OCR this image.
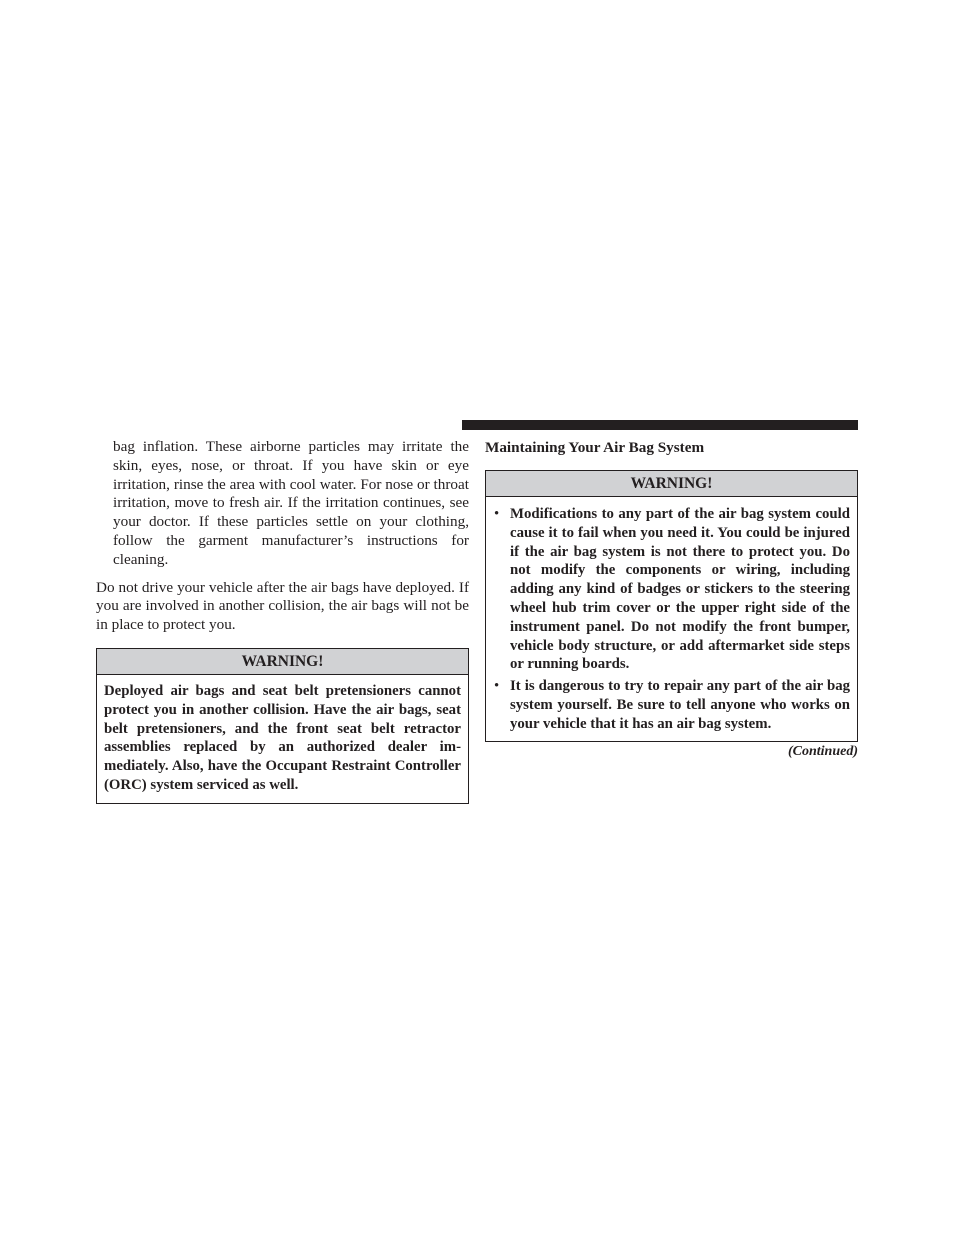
bag inflation. These airborne particles may irritate the skin, eyes, nose, or throat. If you have skin or eye irritation, rinse the area with cool water. For nose or throat irritation, move to fresh air. If the irritation continues, see your doctor. If these particles settle on your clothing, follow the garment manufacturer’s instructions for cleaning.

Do not drive your vehicle after the air bags have deployed. If you are involved in another collision, the air bags will not be in place to protect you.

WARNING!
Deployed air bags and seat belt pretensioners cannot protect you in another collision. Have the air bags, seat belt pretensioners, and the front seat belt retractor assemblies replaced by an authorized dealer immediately. Also, have the Occupant Restraint Controller (ORC) system serviced as well.
Maintaining Your Air Bag System
WARNING!
• Modifications to any part of the air bag system could cause it to fail when you need it. You could be injured if the air bag system is not there to protect you. Do not modify the components or wiring, including adding any kind of badges or stickers to the steering wheel hub trim cover or the upper right side of the instrument panel. Do not modify the front bumper, vehicle body structure, or add aftermarket side steps or running boards.
• It is dangerous to try to repair any part of the air bag system yourself. Be sure to tell anyone who works on your vehicle that it has an air bag system.
(Continued)
